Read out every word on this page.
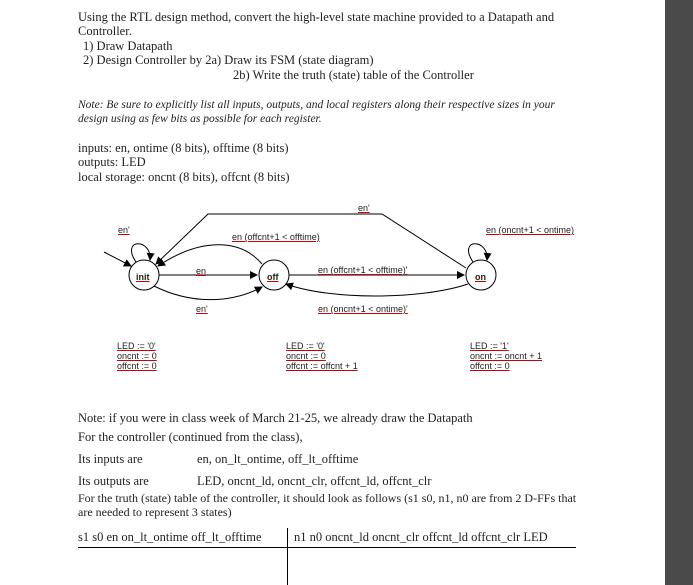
Using the RTL design method, convert the high-level state machine provided to a Datapath and
Controller.
1) Draw Datapath
2) Design Controller by 2a) Draw its FSM (state diagram)
2b) Write the truth (state) table of the Controller
Note: Be sure to explicitly list all inputs, outputs, and local registers along their respective sizes in your
design using as few bits as possible for each register.
inputs: en, ontime (8 bits), offtime (8 bits)
outputs: LED
local storage: oncnt (8 bits), offcnt (8 bits)
init	off	on
en'
en'
en (offcnt+1 < offtime)
en (oncnt+1 < ontime)
en	en (offcnt+1 < offtime)'
en'	en (oncnt+1 < ontime)'
LED := '0'
oncnt := 0
offcnt := 0
LED := '0'
oncnt := 0
offcnt := offcnt + 1
LED := '1'
oncnt := oncnt + 1
offcnt := 0
Note: if you were in class week of March 21-25, we already draw the Datapath
For the controller (continued from the class),
Its inputs are	en, on_lt_ontime, off_lt_offtime
Its outputs are	LED, oncnt_ld, oncnt_clr, offcnt_ld, offcnt_clr
For the truth (state) table of the controller, it should look as follows (s1 s0, n1, n0 are from 2 D-FFs that
are needed to represent 3 states)
s1 s0 en on_lt_ontime off_lt_offtime	n1 n0 oncnt_ld oncnt_clr offcnt_ld offcnt_clr LED
